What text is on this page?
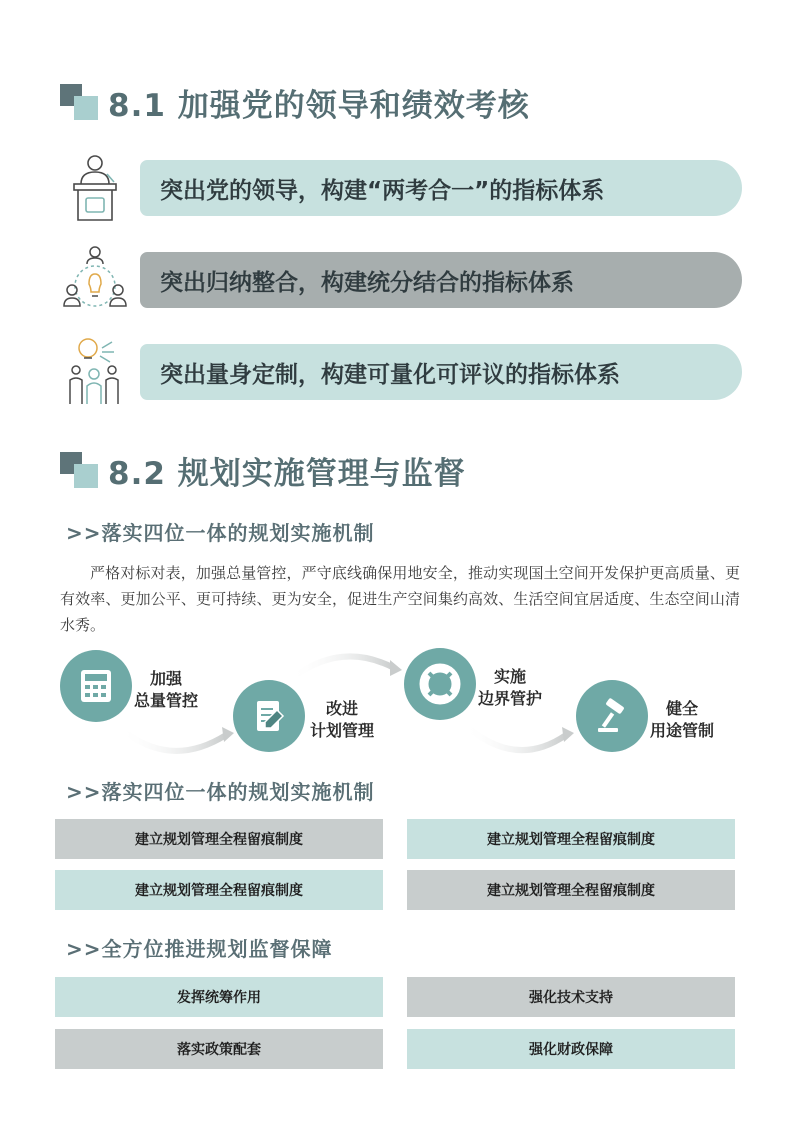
8.1 加强党的领导和绩效考核
突出党的领导，构建“两考合一”的指标体系
突出归纳整合，构建统分结合的指标体系
突出量身定制，构建可量化可评议的指标体系
8.2 规划实施管理与监督
>>落实四位一体的规划实施机制

严格对标对表，加强总量管控，严守底线确保用地安全，推动实现国土空间开发保护更高质量、更有效率、更加公平、更可持续、更为安全，促进生产空间集约高效、生活空间宜居适度、生态空间山清水秀。

加强
总量管控	改进
计划管理
实施
边界管护
健全
用途管制
>>落实四位一体的规划实施机制
建立规划管理全程留痕制度	建立规划管理全程留痕制度
建立规划管理全程留痕制度	建立规划管理全程留痕制度
>>全方位推进规划监督保障
发挥统筹作用	强化技术支持
落实政策配套	强化财政保障
